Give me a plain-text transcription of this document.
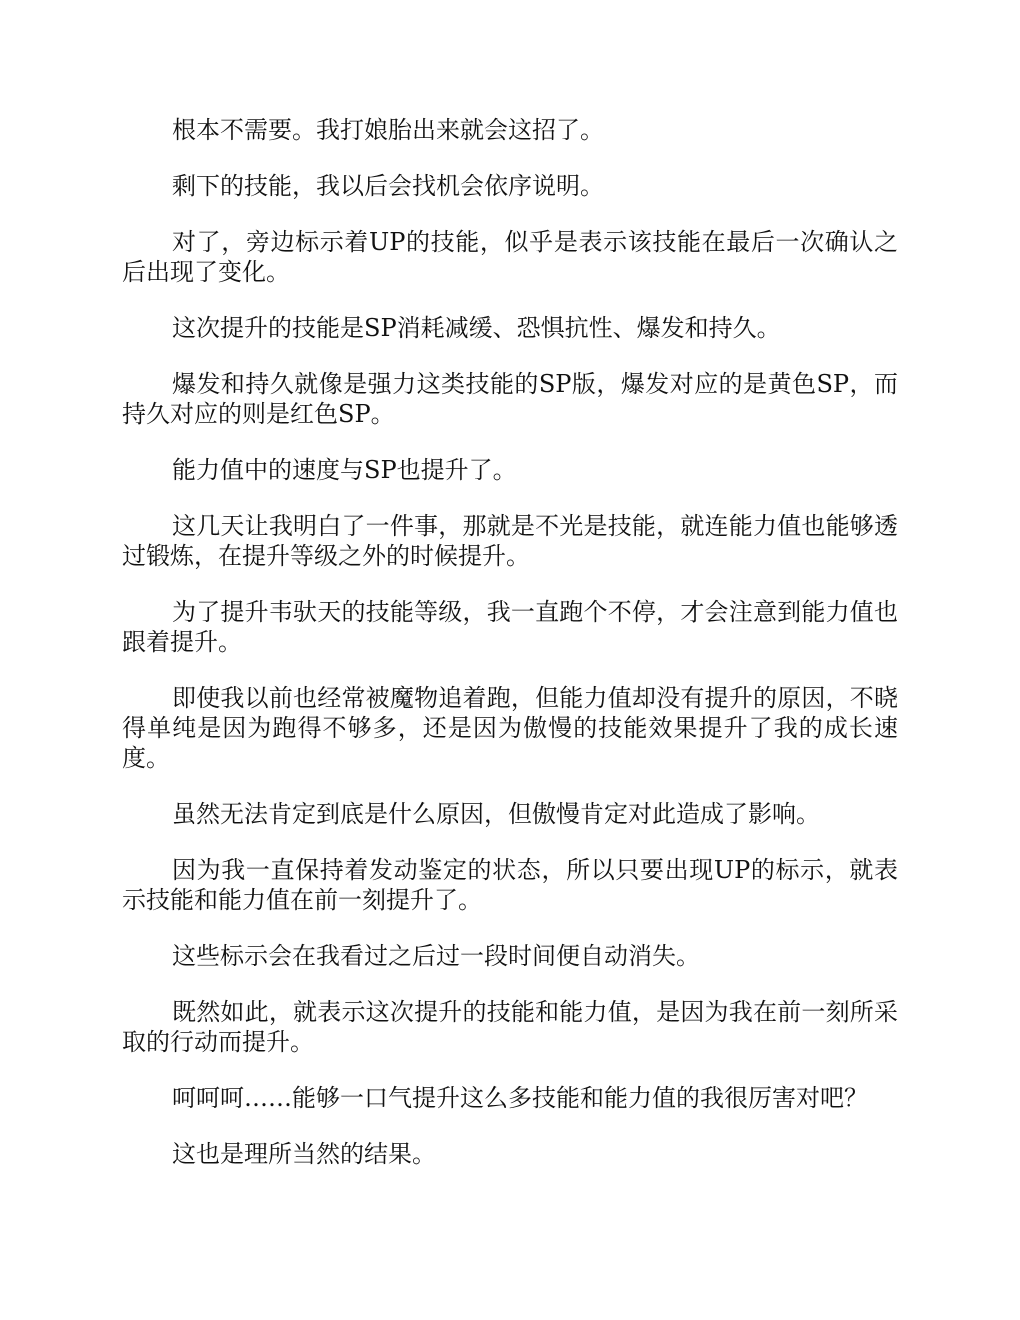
根本不需要。我打娘胎出来就会这招了。

剩下的技能，我以后会找机会依序说明。

对了，旁边标示着UP的技能，似乎是表示该技能在最后一次确认之后出现了变化。

这次提升的技能是SP消耗减缓、恐惧抗性、爆发和持久。

爆发和持久就像是强力这类技能的SP版，爆发对应的是黄色SP，而持久对应的则是红色SP。

能力值中的速度与SP也提升了。

这几天让我明白了一件事，那就是不光是技能，就连能力值也能够透过锻炼，在提升等级之外的时候提升。

为了提升韦驮天的技能等级，我一直跑个不停，才会注意到能力值也跟着提升。

即使我以前也经常被魔物追着跑，但能力值却没有提升的原因，不晓得单纯是因为跑得不够多，还是因为傲慢的技能效果提升了我的成长速度。

虽然无法肯定到底是什么原因，但傲慢肯定对此造成了影响。

因为我一直保持着发动鉴定的状态，所以只要出现UP的标示，就表示技能和能力值在前一刻提升了。

这些标示会在我看过之后过一段时间便自动消失。

既然如此，就表示这次提升的技能和能力值，是因为我在前一刻所采取的行动而提升。

呵呵呵……能够一口气提升这么多技能和能力值的我很厉害对吧？

这也是理所当然的结果。
